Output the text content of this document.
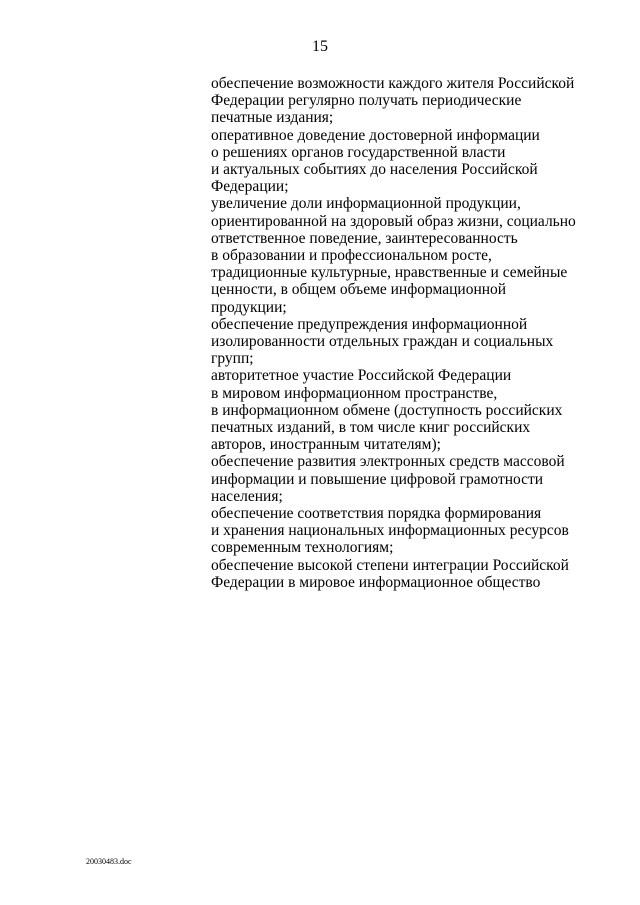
15
обеспечение возможности каждого жителя Российской
Федерации регулярно получать периодические
печатные издания;
оперативное доведение достоверной информации
о решениях органов государственной власти
и актуальных событиях до населения Российской
Федерации;
увеличение доли информационной продукции,
ориентированной на здоровый образ жизни, социально
ответственное поведение, заинтересованность
в образовании и профессиональном росте,
традиционные культурные, нравственные и семейные
ценности, в общем объеме информационной
продукции;
обеспечение предупреждения информационной
изолированности отдельных граждан и социальных
групп;
авторитетное участие Российской Федерации
в мировом информационном пространстве,
в информационном обмене (доступность российских
печатных изданий, в том числе книг российских
авторов, иностранным читателям);
обеспечение развития электронных средств массовой
информации и повышение цифровой грамотности
населения;
обеспечение соответствия порядка формирования
и хранения национальных информационных ресурсов
современным технологиям;
обеспечение высокой степени интеграции Российской
Федерации в мировое информационное общество
20030483.doc
